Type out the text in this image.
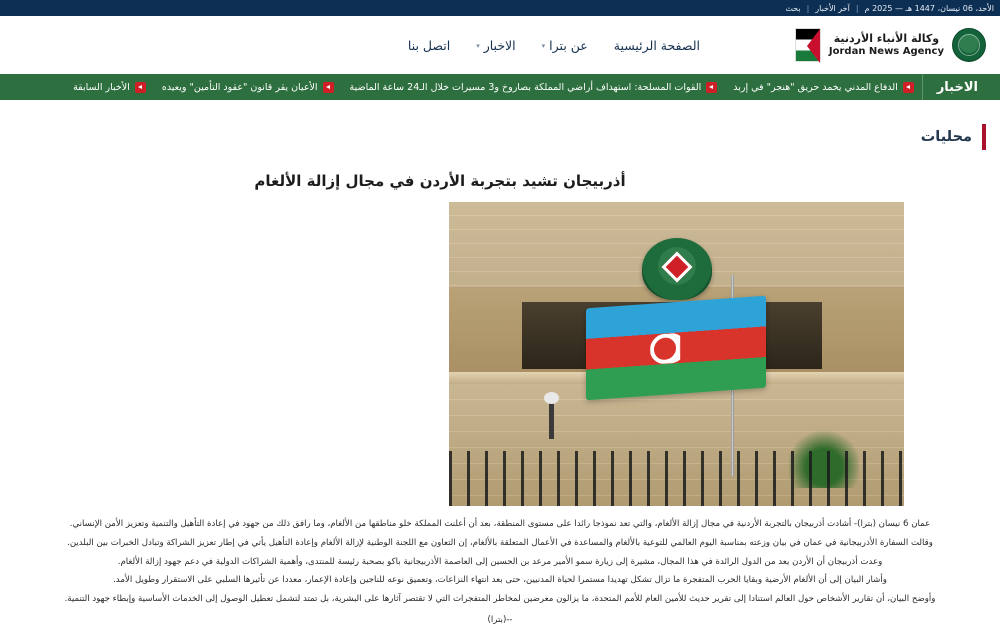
الأحد، 06 نيسان، 1447 هـ — 2025 م
|
آخر الأخبار
|
بحث
وكالة الأنباء الأردنية
Jordan News Agency
الصفحة الرئيسية
عن بترا
▾
الاخبار
▾
اتصل بنا
الاخبار
الدفاع المدني يخمد حريق "هنجر" في إربد
القوات المسلحة: استهداف أراضي المملكة بصاروخ و3 مسيرات خلال الـ24 ساعة الماضية
الأعيان يقر قانون "عقود التأمين" ويعيده
الأخبار السابقة
محليات
أذربيجان تشيد بتجربة الأردن في مجال إزالة الألغام

عمان 6 نيسان (بترا)- أشادت أذربيجان بالتجربة الأردنية في مجال إزالة الألغام، والتي تعد نموذجا رائدا على مستوى المنطقة، بعد أن أعلنت المملكة خلو مناطقها من الألغام، وما رافق ذلك من جهود في إعادة التأهيل والتنمية وتعزيز الأمن الإنساني.

وقالت السفارة الأذربيجانية في عمان في بيان وزعته بمناسبة اليوم العالمي للتوعية بالألغام والمساعدة في الأعمال المتعلقة بالألغام، إن التعاون مع اللجنة الوطنية لإزالة الألغام وإعادة التأهيل يأتي في إطار تعزيز الشراكة وتبادل الخبرات بين البلدين.

وعدت أذربيجان أن الأردن يعد من الدول الرائدة في هذا المجال، مشيرة إلى زيارة سمو الأمير مرعد بن الحسين إلى العاصمة الأذربيجانية باكو بصحبة رئيسة للمنتدى، وأهمية الشراكات الدولية في دعم جهود إزالة الألغام.

وأشار البيان إلى أن الألغام الأرضية وبقايا الحرب المتفجرة ما تزال تشكل تهديدا مستمرا لحياة المدنيين، حتى بعد انتهاء النزاعات، وتعميق نوعه للناجين وإعادة الإعمار، معددا عن تأثيرها السلبي على الاستقرار وطويل الأمد.

وأوضح البيان، أن تقارير الأشخاص حول العالم استنادا إلى تقرير حديث للأمين العام للأمم المتحدة، ما يزالون معرضين لمخاطر المتفجرات التي لا تقتصر آثارها على البشرية، بل تمتد لتشمل تعطيل الوصول إلى الخدمات الأساسية وإبطاء جهود التنمية.

--(بترا)
